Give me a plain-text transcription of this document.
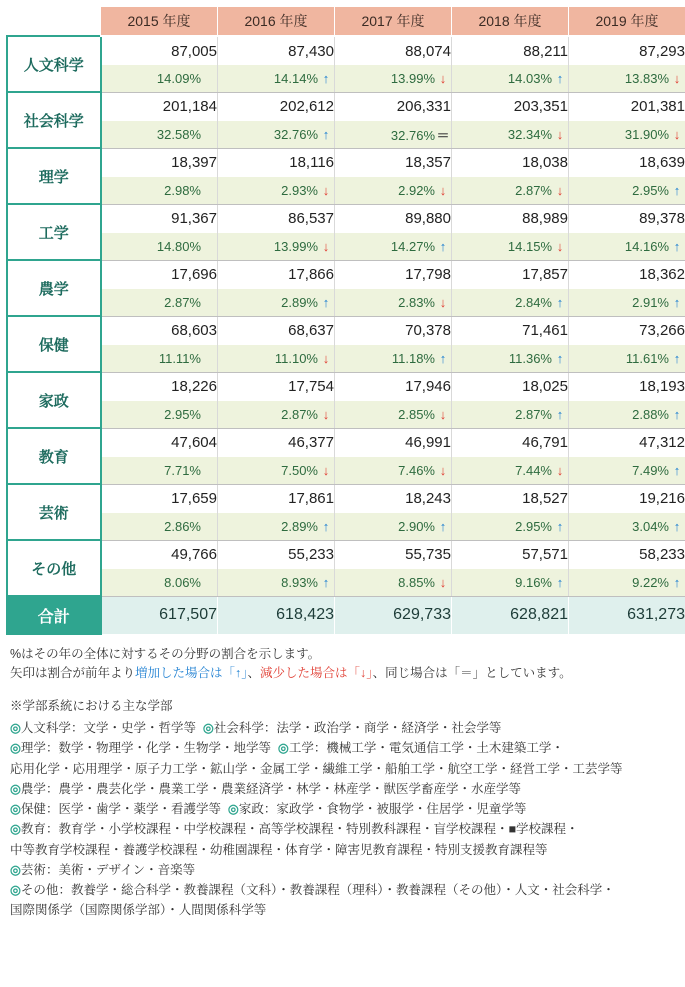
	2015 年度	2016 年度	2017 年度	2018 年度	2019 年度
人文科学	87,005	87,430	88,074	88,211	87,293
	14.09%	14.14% ↑	13.99% ↓	14.03% ↑	13.83% ↓
社会科学	201,184	202,612	206,331	203,351	201,381
	32.58%	32.76% ↑	32.76%＝	32.34% ↓	31.90% ↓
理学	18,397	18,116	18,357	18,038	18,639
	2.98%	2.93% ↓	2.92% ↓	2.87% ↓	2.95% ↑
工学	91,367	86,537	89,880	88,989	89,378
	14.80%	13.99% ↓	14.27% ↑	14.15% ↓	14.16% ↑
農学	17,696	17,866	17,798	17,857	18,362
	2.87%	2.89% ↑	2.83% ↓	2.84% ↑	2.91% ↑
保健	68,603	68,637	70,378	71,461	73,266
	11.11%	11.10% ↓	11.18% ↑	11.36% ↑	11.61% ↑
家政	18,226	17,754	17,946	18,025	18,193
	2.95%	2.87% ↓	2.85% ↓	2.87% ↑	2.88% ↑
教育	47,604	46,377	46,991	46,791	47,312
	7.71%	7.50% ↓	7.46% ↓	7.44% ↓	7.49% ↑
芸術	17,659	17,861	18,243	18,527	19,216
	2.86%	2.89% ↑	2.90% ↑	2.95% ↑	3.04% ↑
その他	49,766	55,233	55,735	57,571	58,233
	8.06%	8.93% ↑	8.85% ↓	9.16% ↑	9.22% ↑
合計	617,507	618,423	629,733	628,821	631,273
%はその年の全体に対するその分野の割合を示します。
矢印は割合が前年より増加した場合は「↑」、減少した場合は「↓」、同じ場合は「＝」としています。
※学部系統における主な学部
◎人文科学：文学・史学・哲学等 ◎社会科学：法学・政治学・商学・経済学・社会学等
◎理学：数学・物理学・化学・生物学・地学等 ◎工学：機械工学・電気通信工学・土木建築工学・
応用化学・応用理学・原子力工学・鉱山学・金属工学・繊維工学・船舶工学・航空工学・経営工学・工芸学等
◎農学：農学・農芸化学・農業工学・農業経済学・林学・林産学・獣医学畜産学・水産学等
◎保健：医学・歯学・薬学・看護学等 ◎家政：家政学・食物学・被服学・住居学・児童学等
◎教育：教育学・小学校課程・中学校課程・高等学校課程・特別教科課程・盲学校課程・■学校課程・
中等教育学校課程・養護学校課程・幼稚園課程・体育学・障害児教育課程・特別支援教育課程等
◎芸術：美術・デザイン・音楽等
◎その他：教養学・総合科学・教養課程（文科）・教養課程（理科）・教養課程（その他）・人文・社会科学・
国際関係学（国際関係学部）・人間関係科学等
